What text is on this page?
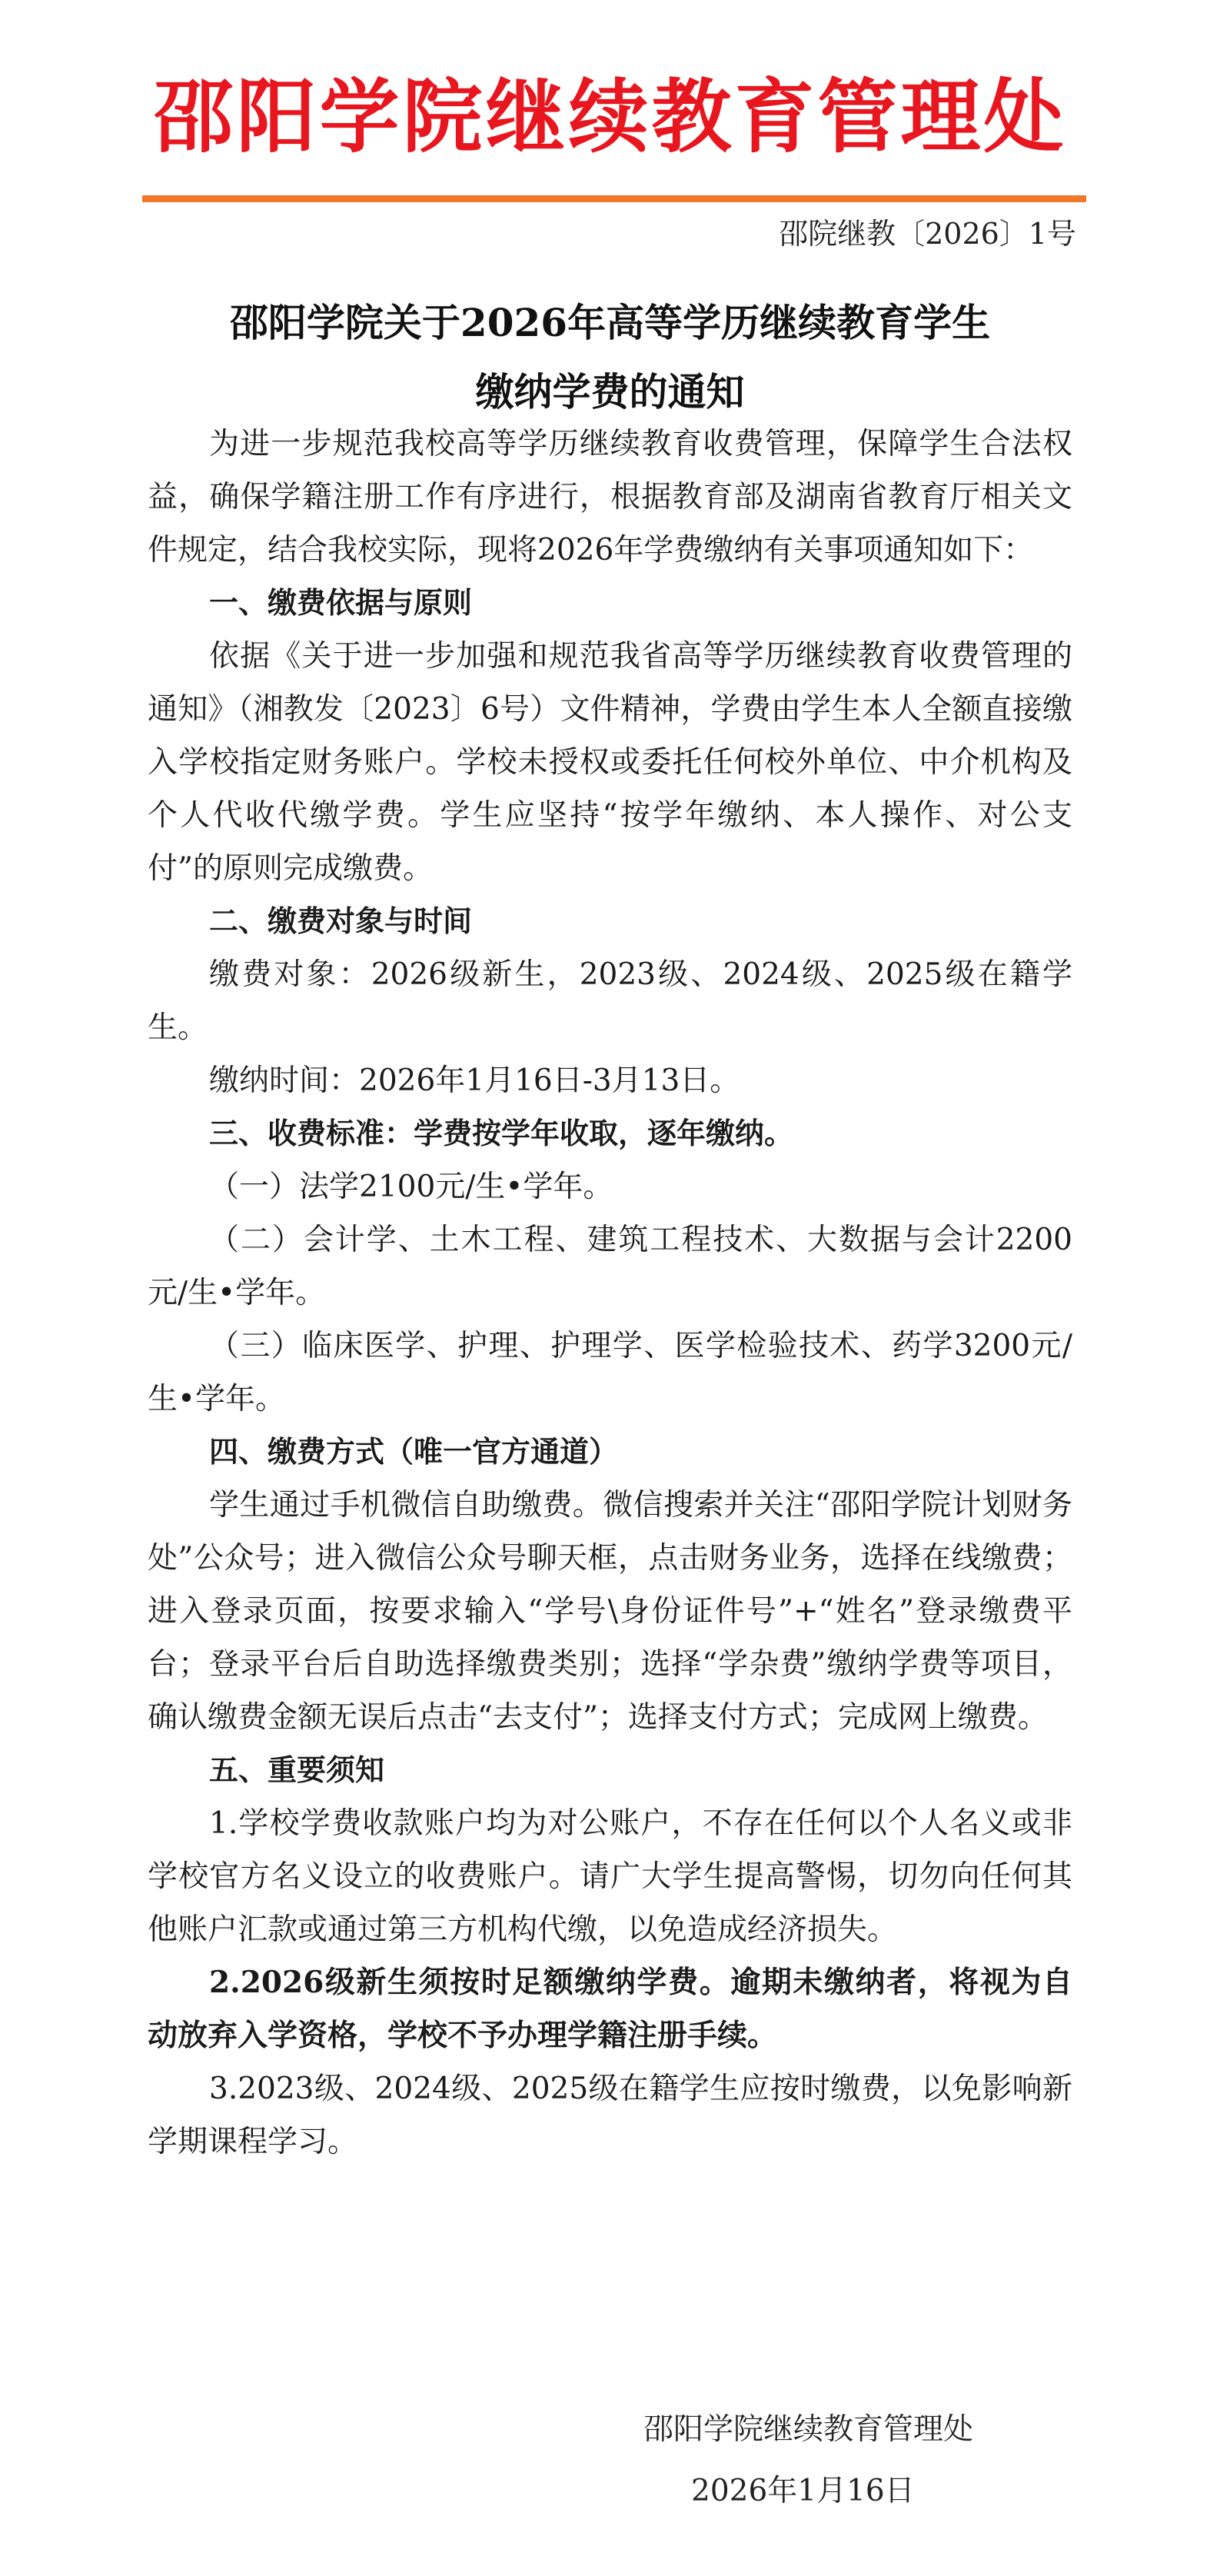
邵阳学院继续教育管理处
邵院继教〔2026〕1号
邵阳学院关于2026年高等学历继续教育学生
缴纳学费的通知

为进一步规范我校高等学历继续教育收费管理，保障学生合法权益，确保学籍注册工作有序进行，根据教育部及湖南省教育厅相关文件规定，结合我校实际，现将2026年学费缴纳有关事项通知如下：

一、缴费依据与原则

依据《关于进一步加强和规范我省高等学历继续教育收费管理的通知》（湘教发〔2023〕6号）文件精神，学费由学生本人全额直接缴入学校指定财务账户。学校未授权或委托任何校外单位、中介机构及个人代收代缴学费。学生应坚持“按学年缴纳、本人操作、对公支付”的原则完成缴费。

二、缴费对象与时间

缴费对象：2026级新生，2023级、2024级、2025级在籍学生。

缴纳时间：2026年1月16日-3月13日。

三、收费标准：学费按学年收取，逐年缴纳。

（一）法学2100元/生•学年。

（二）会计学、土木工程、建筑工程技术、大数据与会计2200元/生•学年。

（三）临床医学、护理、护理学、医学检验技术、药学3200元/生•学年。

四、缴费方式（唯一官方通道）

学生通过手机微信自助缴费。微信搜索并关注“邵阳学院计划财务处”公众号；进入微信公众号聊天框，点击财务业务，选择在线缴费；进入登录页面，按要求输入“学号\身份证件号”+“姓名”登录缴费平台；登录平台后自助选择缴费类别；选择“学杂费”缴纳学费等项目，确认缴费金额无误后点击“去支付”；选择支付方式；完成网上缴费。

五、重要须知

1.学校学费收款账户均为对公账户，不存在任何以个人名义或非学校官方名义设立的收费账户。请广大学生提高警惕，切勿向任何其他账户汇款或通过第三方机构代缴，以免造成经济损失。

2.2026级新生须按时足额缴纳学费。逾期未缴纳者，将视为自动放弃入学资格，学校不予办理学籍注册手续。

3.2023级、2024级、2025级在籍学生应按时缴费，以免影响新学期课程学习。

邵阳学院继续教育管理处
2026年1月16日
